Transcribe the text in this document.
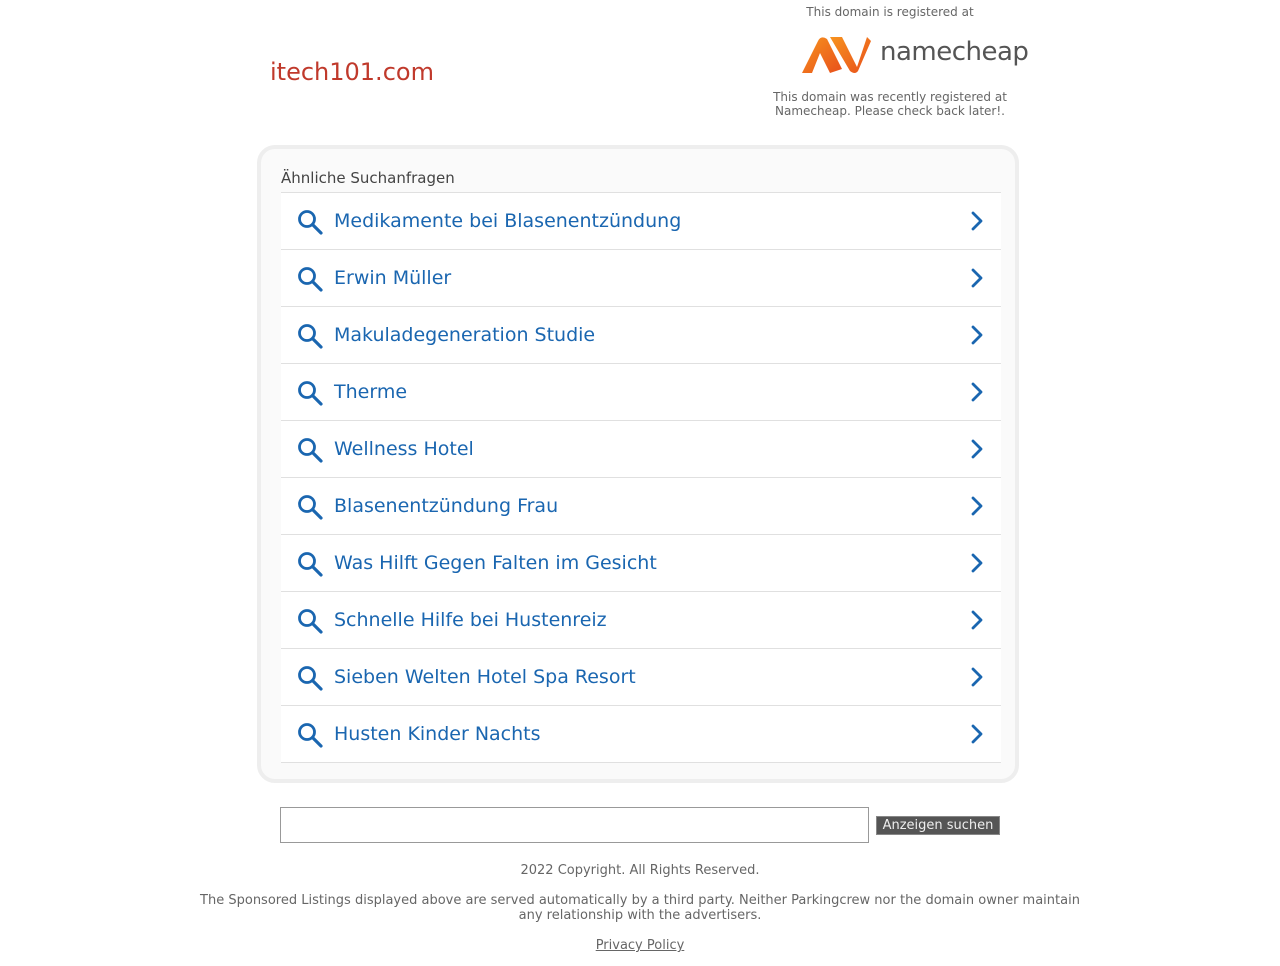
itech101.com
This domain is registered at
namecheap
This domain was recently registered at
Namecheap. Please check back later!.
Ähnliche Suchanfragen
Medikamente bei Blasenentzündung
Erwin Müller
Makuladegeneration Studie
Therme
Wellness Hotel
Blasenentzündung Frau
Was Hilft Gegen Falten im Gesicht
Schnelle Hilfe bei Hustenreiz
Sieben Welten Hotel Spa Resort
Husten Kinder Nachts
Anzeigen suchen
2022 Copyright. All Rights Reserved.
The Sponsored Listings displayed above are served automatically by a third party. Neither Parkingcrew nor the domain owner maintain any relationship with the advertisers.
Privacy Policy
